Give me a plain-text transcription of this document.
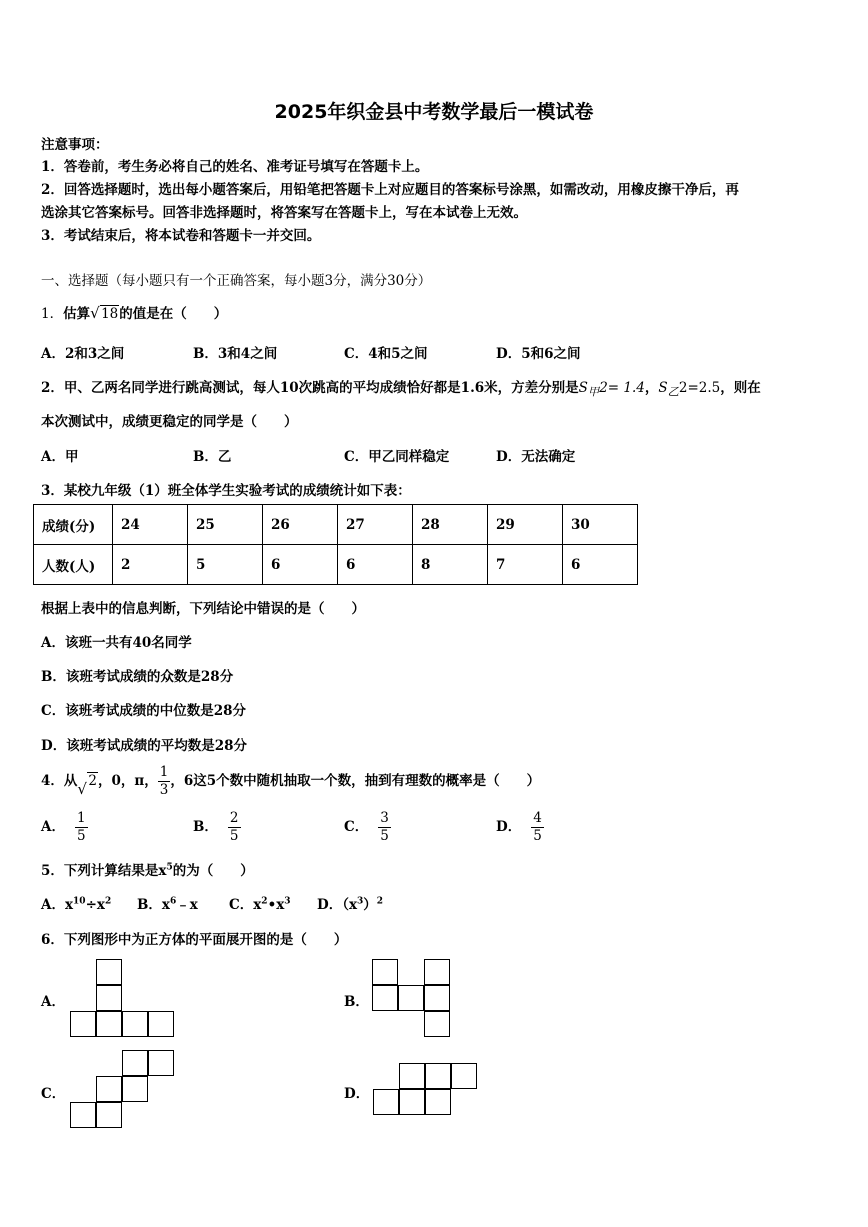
2025年织金县中考数学最后一模试卷
注意事项：
1．答卷前，考生务必将自己的姓名、准考证号填写在答题卡上。
2．回答选择题时，选出每小题答案后，用铅笔把答题卡上对应题目的答案标号涂黑，如需改动，用橡皮擦干净后，再
选涂其它答案标号。回答非选择题时，将答案写在答题卡上，写在本试卷上无效。
3．考试结束后，将本试卷和答题卡一并交回。
一、选择题（每小题只有一个正确答案，每小题3分，满分30分）
1．估算 √ 18的值是在（　　）
A．2和3之间	B．3和4之间	C．4和5之间	D．5和6之间
2．甲、乙两名同学进行跳高测试，每人10次跳高的平均成绩恰好都是1.6米，方差分别是$S_甲2= 1.4$，$S_乙2=2.5$，则在
本次测试中，成绩更稳定的同学是（　　）
A．甲	B．乙	C．甲乙同样稳定	D．无法确定
3．某校九年级（1）班全体学生实验考试的成绩统计如下表：
成绩(分)	24	25	26	27	28	29	30
人数(人)	2	5	6	6	8	7	6
根据上表中的信息判断，下列结论中错误的是（　　）
A．该班一共有40名同学
B．该班考试成绩的众数是28分
C．该班考试成绩的中位数是28分
D．该班考试成绩的平均数是28分
4．从 √ 2，0，π， $\frac{1}{3}$ ，6这5个数中随机抽取一个数，抽到有理数的概率是（　　）
A． $\frac{1}{5}$	B． $\frac{2}{5}$	C． $\frac{3}{5}$	D． $\frac{4}{5}$
5．下列计算结果是$x^5$的为（　　）
A．$x^{10}\div x^2$ B．$x^6﹣x$ C．$x^2•x^3$ D．$(x^3)^2$
6．下列图形中为正方体的平面展开图的是（　　）
A．	B．
C．	D．
